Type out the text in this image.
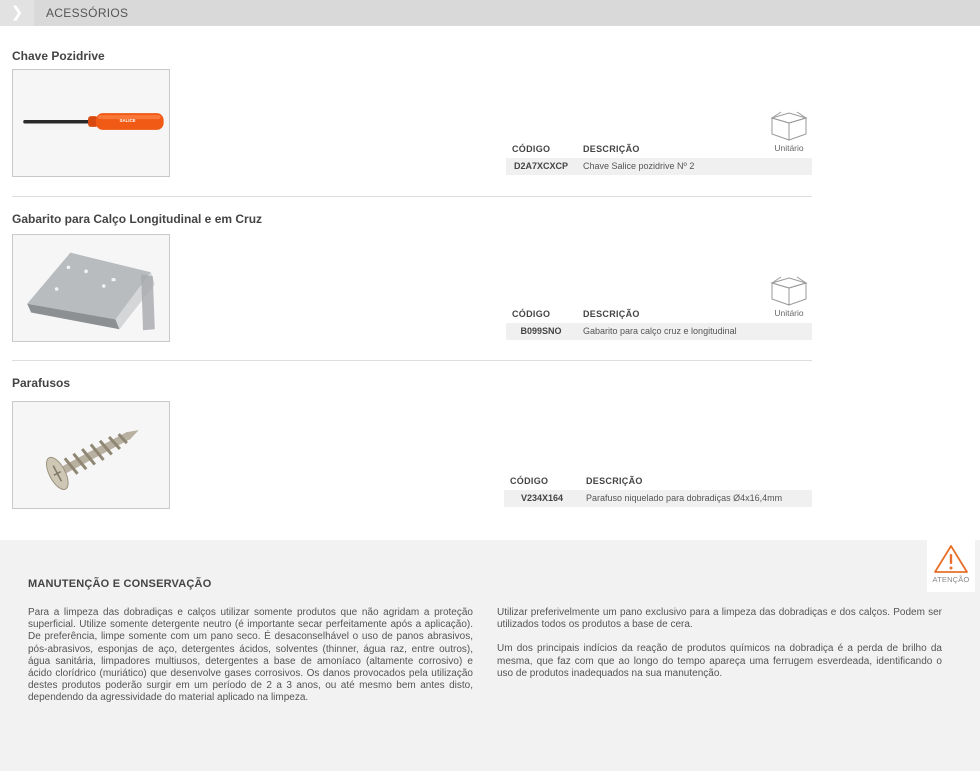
❯	ACESSÓRIOS
Chave Pozidrive
SALICE
Unitário
CÓDIGO	DESCRIÇÃO
D2A7XCXCP	Chave Salice pozidrive Nº 2
Gabarito para Calço Longitudinal e em Cruz
Unitário
CÓDIGO	DESCRIÇÃO
B099SNO	Gabarito para calço cruz e longitudinal
Parafusos
CÓDIGO	DESCRIÇÃO
V234X164	Parafuso niquelado para dobradiças Ø4x16,4mm
ATENÇÃO
MANUTENÇÃO E CONSERVAÇÃO
Para a limpeza das dobradiças e calços utilizar somente produtos que não agridam a proteção superficial. Utilize somente detergente neutro (é importante secar perfeitamente após a aplicação). De preferência, limpe somente com um pano seco. É desaconselhável o uso de panos abrasivos, pós-abrasivos, esponjas de aço, detergentes ácidos, solventes (thinner, água raz, entre outros), água sanitária, limpadores multiusos, detergentes a base de amoníaco (altamente corrosivo) e ácido clorídrico (muriático) que desenvolve gases corrosivos. Os danos provocados pela utilização destes produtos poderão surgir em um período de 2 a 3 anos, ou até mesmo bem antes disto, dependendo da agressividade do material aplicado na limpeza.

Utilizar preferivelmente um pano exclusivo para a limpeza das dobradiças e dos calços. Podem ser utilizados todos os produtos a base de cera.

Um dos principais indícios da reação de produtos químicos na dobradiça é a perda de brilho da mesma, que faz com que ao longo do tempo apareça uma ferrugem esverdeada, identificando o uso de produtos inadequados na sua manutenção.
